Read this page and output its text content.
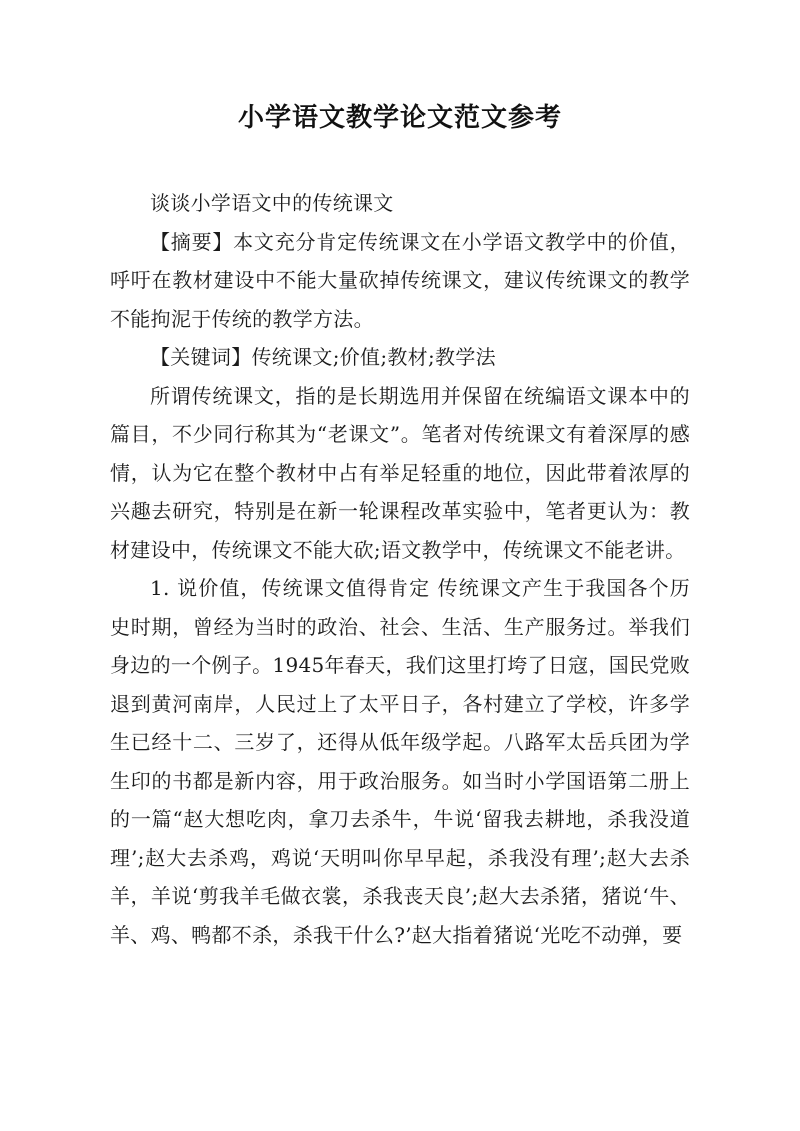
小学语文教学论文范文参考

谈谈小学语文中的传统课文

【摘要】本文充分肯定传统课文在小学语文教学中的价值，呼吁在教材建设中不能大量砍掉传统课文，建议传统课文的教学不能拘泥于传统的教学方法。

【关键词】传统课文;价值;教材;教学法

所谓传统课文，指的是长期选用并保留在统编语文课本中的篇目，不少同行称其为“老课文”。笔者对传统课文有着深厚的感情，认为它在整个教材中占有举足轻重的地位，因此带着浓厚的兴趣去研究，特别是在新一轮课程改革实验中，笔者更认为：教材建设中，传统课文不能大砍;语文教学中，传统课文不能老讲。

1. 说价值，传统课文值得肯定 传统课文产生于我国各个历史时期，曾经为当时的政治、社会、生活、生产服务过。举我们身边的一个例子。1945年春天，我们这里打垮了日寇，国民党败退到黄河南岸，人民过上了太平日子，各村建立了学校，许多学生已经十二、三岁了，还得从低年级学起。八路军太岳兵团为学生印的书都是新内容，用于政治服务。如当时小学国语第二册上的一篇“赵大想吃肉，拿刀去杀牛，牛说‘留我去耕地，杀我没道理’;赵大去杀鸡，鸡说‘天明叫你早早起，杀我没有理’;赵大去杀羊，羊说‘剪我羊毛做衣裳，杀我丧天良’;赵大去杀猪，猪说‘牛、羊、鸡、鸭都不杀，杀我干什么?’赵大指着猪说‘光吃不动弹，要
